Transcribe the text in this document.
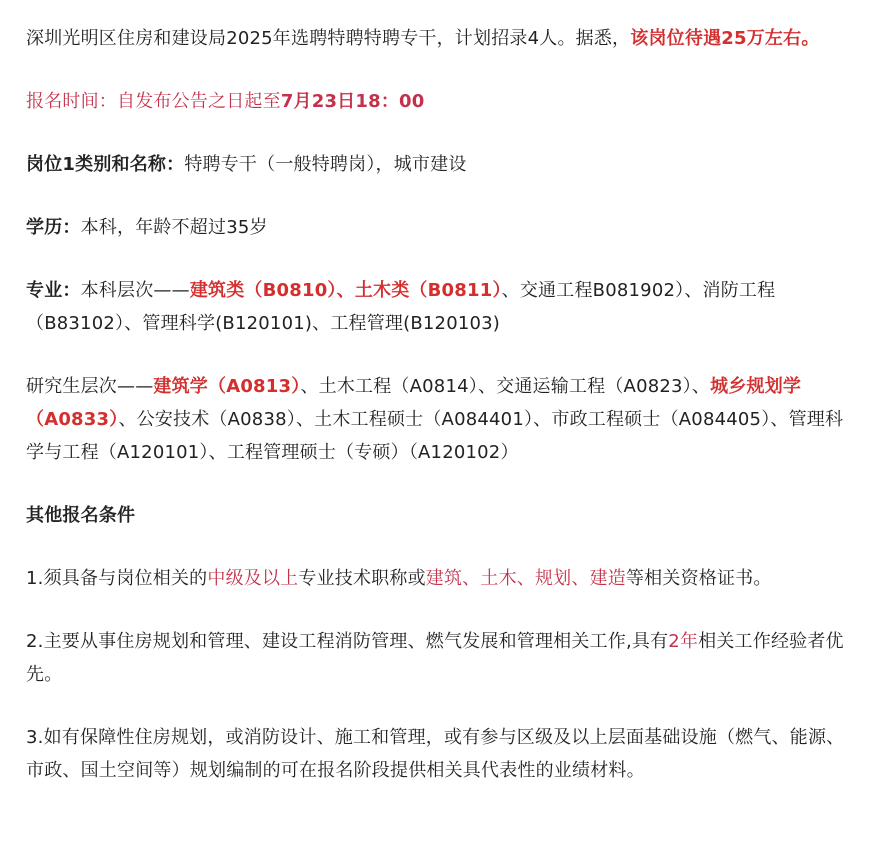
深圳光明区住房和建设局2025年选聘特聘特聘专干，计划招录4人。据悉，该岗位待遇25万左右。

报名时间：自发布公告之日起至7月23日18：00

岗位1类别和名称：特聘专干（一般特聘岗），城市建设

学历：本科，年龄不超过35岁

专业：本科层次——建筑类（B0810）、土木类（B0811）、交通工程B081902）、消防工程（B83102）、管理科学(B120101)、工程管理(B120103)

研究生层次——建筑学（A0813）、土木工程（A0814）、交通运输工程（A0823）、城乡规划学（A0833）、公安技术（A0838）、土木工程硕士（A084401）、市政工程硕士（A084405）、管理科学与工程（A120101）、工程管理硕士（专硕）（A120102）

其他报名条件

1.须具备与岗位相关的中级及以上专业技术职称或建筑、土木、规划、建造等相关资格证书。

2.主要从事住房规划和管理、建设工程消防管理、燃气发展和管理相关工作,具有2年相关工作经验者优先。

3.如有保障性住房规划，或消防设计、施工和管理，或有参与区级及以上层面基础设施（燃气、能源、市政、国土空间等）规划编制的可在报名阶段提供相关具代表性的业绩材料。
